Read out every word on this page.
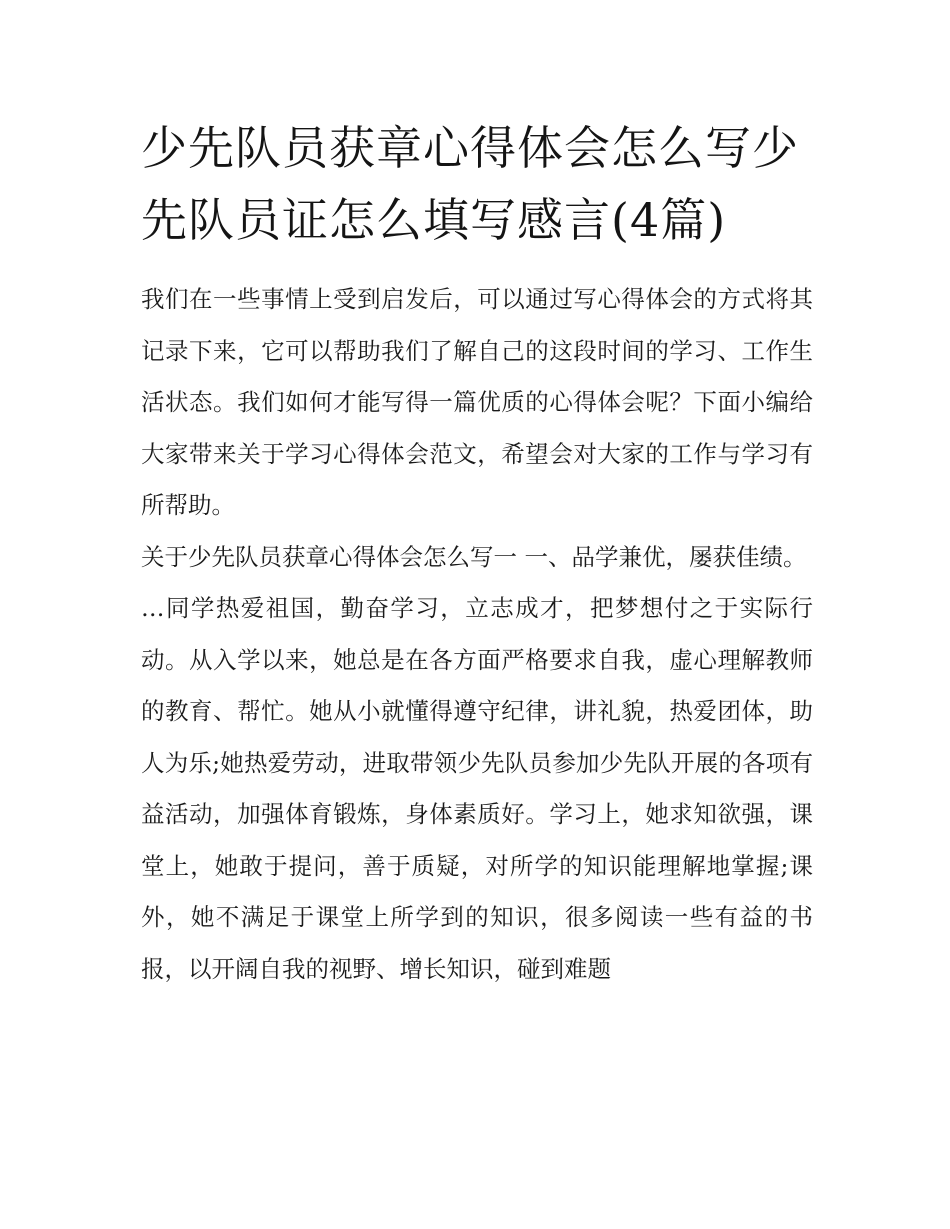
少先队员获章心得体会怎么写少先队员证怎么填写感言(4篇)

我们在一些事情上受到启发后，可以通过写心得体会的方式将其记录下来，它可以帮助我们了解自己的这段时间的学习、工作生活状态。我们如何才能写得一篇优质的心得体会呢？下面小编给大家带来关于学习心得体会范文，希望会对大家的工作与学习有所帮助。

关于少先队员获章心得体会怎么写一 一、品学兼优，屡获佳绩。

…同学热爱祖国，勤奋学习，立志成才，把梦想付之于实际行动。从入学以来，她总是在各方面严格要求自我，虚心理解教师的教育、帮忙。她从小就懂得遵守纪律，讲礼貌，热爱团体，助人为乐;她热爱劳动，进取带领少先队员参加少先队开展的各项有益活动，加强体育锻炼，身体素质好。学习上，她求知欲强，课堂上，她敢于提问，善于质疑，对所学的知识能理解地掌握;课外，她不满足于课堂上所学到的知识，很多阅读一些有益的书报，以开阔自我的视野、增长知识，碰到难题
